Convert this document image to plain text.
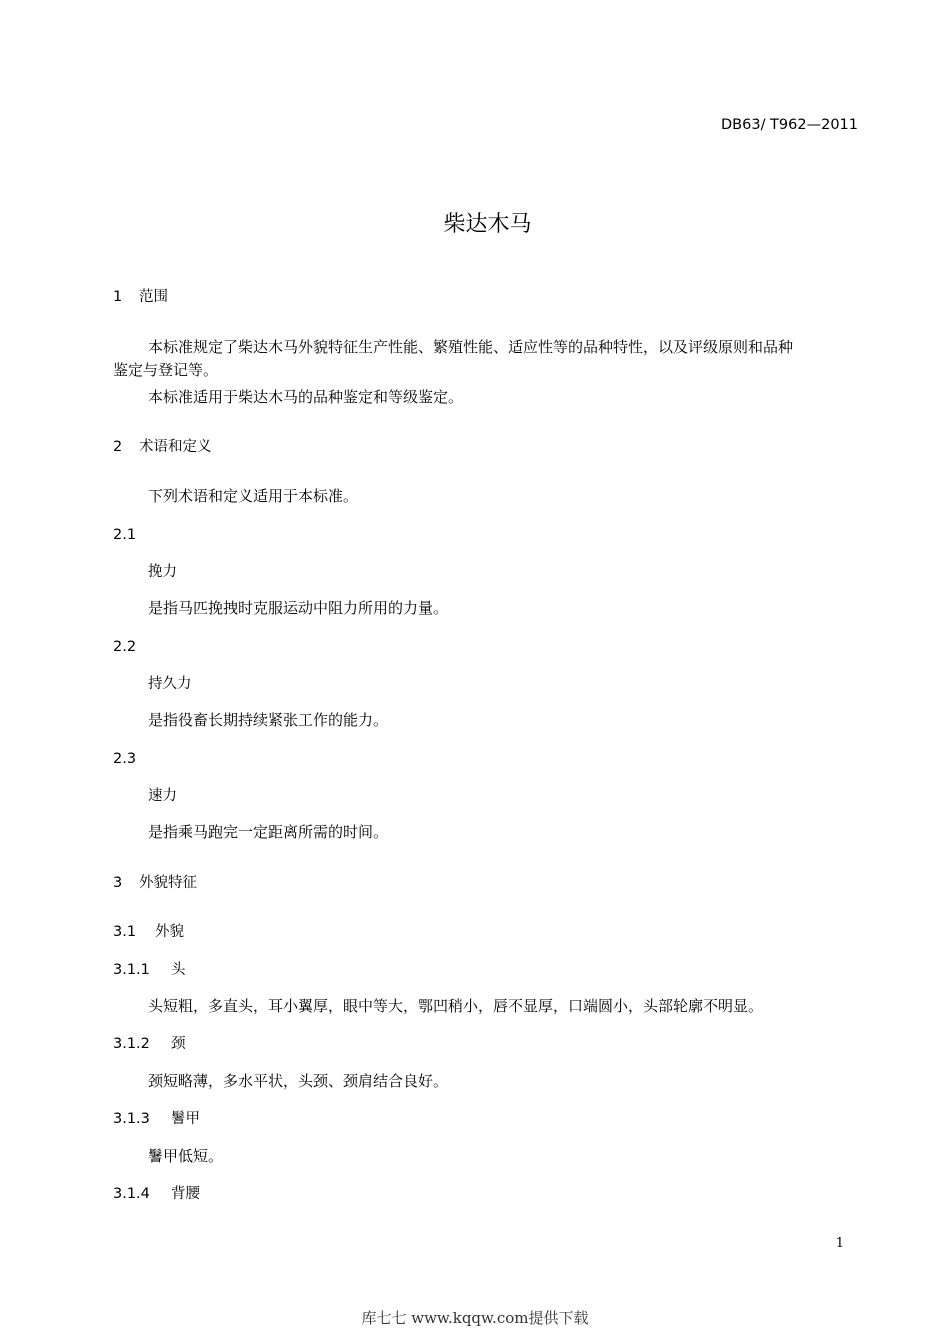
DB63/ T962—2011
柴达木马
1 范围
本标准规定了柴达木马外貌特征生产性能、繁殖性能、适应性等的品种特性，以及评级原则和品种
鉴定与登记等。
本标准适用于柴达木马的品种鉴定和等级鉴定。
2 术语和定义
下列术语和定义适用于本标准。
2.1
挽力
是指马匹挽拽时克服运动中阻力所用的力量。
2.2
持久力
是指役畜长期持续紧张工作的能力。
2.3
速力
是指乘马跑完一定距离所需的时间。
3 外貌特征
3.1 外貌
3.1.1 头
头短粗，多直头，耳小翼厚，眼中等大，鄂凹稍小，唇不显厚，口端圆小，头部轮廓不明显。
3.1.2 颈
颈短略薄，多水平状，头颈、颈肩结合良好。
3.1.3 鬐甲
鬐甲低短。
3.1.4 背腰
1
库七七 www.kqqw.com提供下载
